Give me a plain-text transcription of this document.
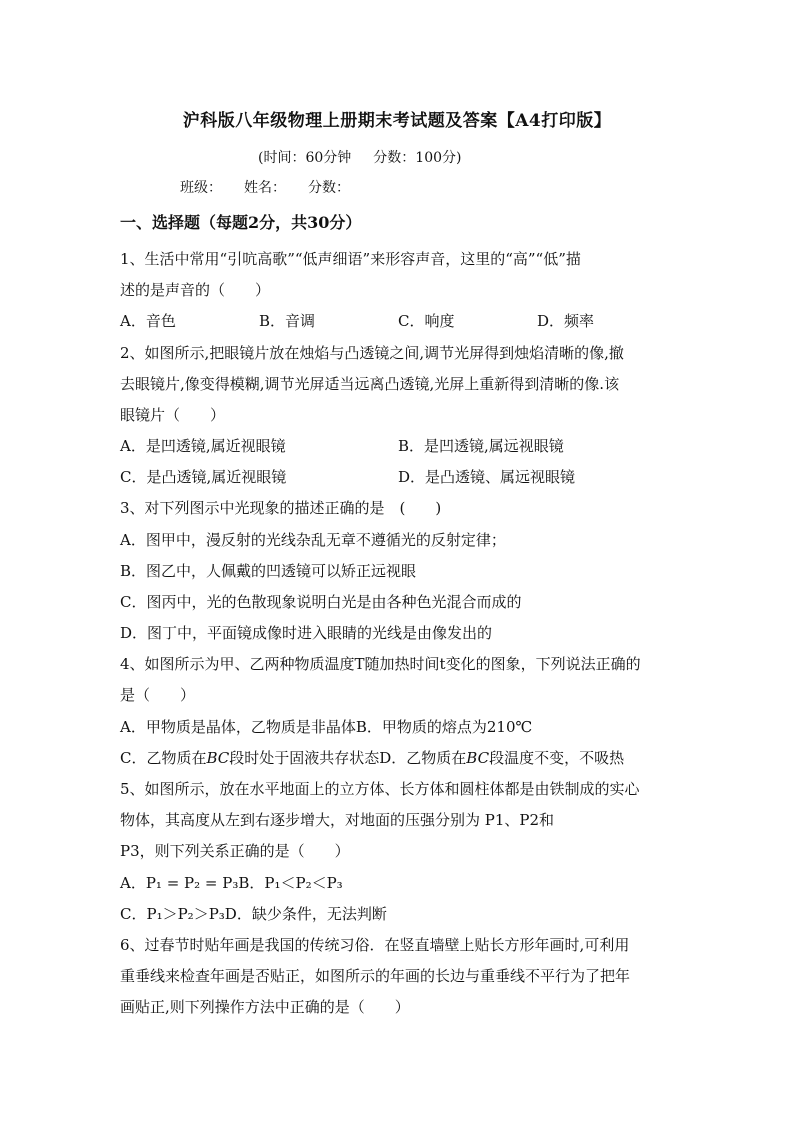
沪科版八年级物理上册期末考试题及答案【A4打印版】
(时间：60分钟 分数：100分)
班级： 姓名： 分数：
一、选择题（每题2分，共30分）
1、生活中常用“引吭高歌”“低声细语”来形容声音，这里的“高”“低”描
述的是声音的（　　）
A．音色	B．音调	C．响度	D．频率
2、如图所示,把眼镜片放在烛焰与凸透镜之间,调节光屏得到烛焰清晰的像,撤
去眼镜片,像变得模糊,调节光屏适当远离凸透镜,光屏上重新得到清晰的像.该
眼镜片（　　）
A．是凹透镜,属近视眼镜	B．是凹透镜,属远视眼镜
C．是凸透镜,属近视眼镜	D．是凸透镜、属远视眼镜
3、对下列图示中光现象的描述正确的是　(　　)
A．图甲中，漫反射的光线杂乱无章不遵循光的反射定律；
B．图乙中，人佩戴的凹透镜可以矫正远视眼
C．图丙中，光的色散现象说明白光是由各种色光混合而成的
D．图丁中，平面镜成像时进入眼睛的光线是由像发出的
4、如图所示为甲、乙两种物质温度T随加热时间t变化的图象，下列说法正确的
是（　　）
A．甲物质是晶体，乙物质是非晶体B．甲物质的熔点为210℃
C．乙物质在BC段时处于固液共存状态D．乙物质在BC段温度不变，不吸热
5、如图所示，放在水平地面上的立方体、长方体和圆柱体都是由铁制成的实心
物体，其高度从左到右逐步增大，对地面的压强分别为 P1、P2和
P3，则下列关系正确的是（　　）
A．P₁ = P₂ = P₃B．P₁＜P₂＜P₃
C．P₁＞P₂＞P₃D．缺少条件，无法判断
6、过春节时贴年画是我国的传统习俗．在竖直墙壁上贴长方形年画时,可利用
重垂线来检查年画是否贴正，如图所示的年画的长边与重垂线不平行为了把年
画贴正,则下列操作方法中正确的是（　　）
